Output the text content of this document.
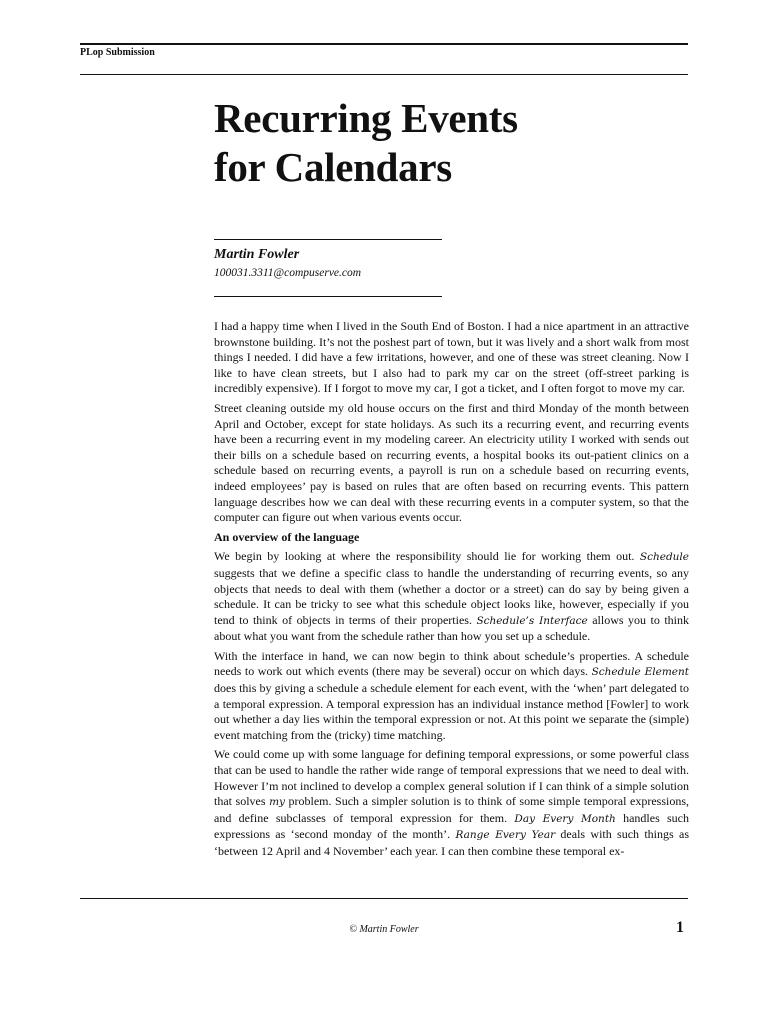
PLop Submission
Recurring Events
for Calendars
Martin Fowler
100031.3311@compuserve.com

I had a happy time when I lived in the South End of Boston. I had a nice apartment in an attractive brownstone building. It’s not the poshest part of town, but it was lively and a short walk from most things I needed. I did have a few irritations, however, and one of these was street cleaning. Now I like to have clean streets, but I also had to park my car on the street (off-street parking is incredibly expensive). If I forgot to move my car, I got a ticket, and I often forgot to move my car.

Street cleaning outside my old house occurs on the first and third Monday of the month between April and October, except for state holidays. As such its a recurring event, and recurring events have been a recurring event in my modeling career. An electricity utility I worked with sends out their bills on a schedule based on recurring events, a hospital books its out-patient clinics on a schedule based on recurring events, a payroll is run on a schedule based on recurring events, indeed employees’ pay is based on rules that are often based on recurring events. This pattern language describes how we can deal with these recurring events in a computer system, so that the computer can figure out when various events occur.

An overview of the language

We begin by looking at where the responsibility should lie for working them out. Schedule suggests that we define a specific class to handle the understanding of recurring events, so any objects that needs to deal with them (whether a doctor or a street) can do say by being given a schedule. It can be tricky to see what this schedule object looks like, however, especially if you tend to think of objects in terms of their properties. Schedule’s Interface allows you to think about what you want from the schedule rather than how you set up a schedule.

With the interface in hand, we can now begin to think about schedule’s properties. A schedule needs to work out which events (there may be several) occur on which days. Schedule Element does this by giving a schedule a schedule element for each event, with the ‘when’ part delegated to a temporal expression. A temporal expression has an individual instance method [Fowler] to work out whether a day lies within the temporal expression or not. At this point we separate the (simple) event matching from the (tricky) time matching.

We could come up with some language for defining temporal expressions, or some powerful class that can be used to handle the rather wide range of temporal expressions that we need to deal with. However I’m not inclined to develop a complex general solution if I can think of a simple solution that solves my problem. Such a simpler solution is to think of some simple temporal expressions, and define subclasses of temporal expression for them. Day Every Month handles such expressions as ‘second monday of the month’. Range Every Year deals with such things as ‘between 12 April and 4 November’ each year. I can then combine these temporal ex-

© Martin Fowler	1
